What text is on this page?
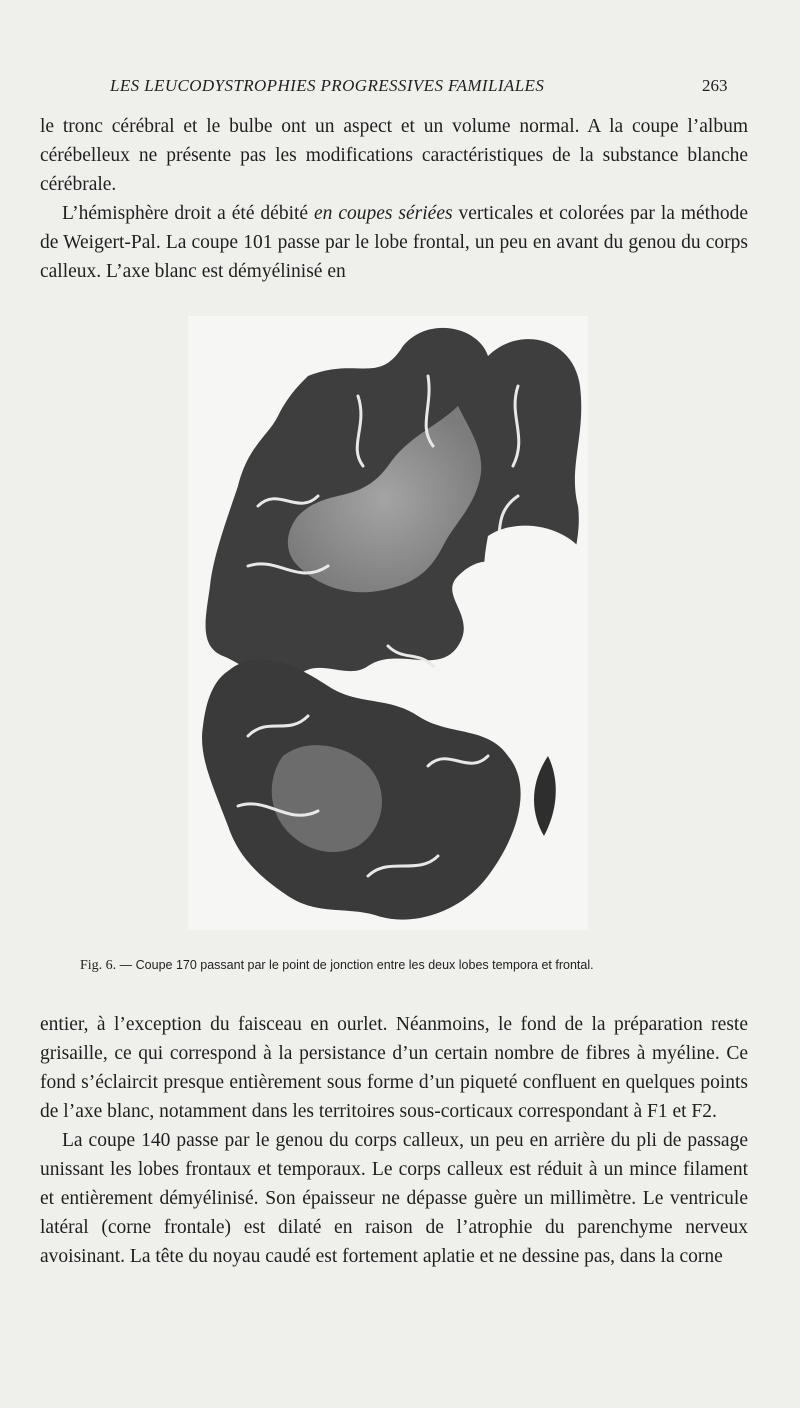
LES LEUCODYSTROPHIES PROGRESSIVES FAMILIALES	263

le tronc cérébral et le bulbe ont un aspect et un volume normal. A la coupe l’album cérébelleux ne présente pas les modifications caractéristiques de la substance blanche cérébrale.

L’hémisphère droit a été débité en coupes sériées verticales et colorées par la méthode de Weigert-Pal. La coupe 101 passe par le lobe frontal, un peu en avant du genou du corps calleux. L’axe blanc est démyélinisé en

Fig. 6. — Coupe 170 passant par le point de jonction entre les deux lobes tempora et frontal.

entier, à l’exception du faisceau en ourlet. Néanmoins, le fond de la préparation reste grisaille, ce qui correspond à la persistance d’un certain nombre de fibres à myéline. Ce fond s’éclaircit presque entièrement sous forme d’un piqueté confluent en quelques points de l’axe blanc, notamment dans les territoires sous-corticaux correspondant à F1 et F2.

La coupe 140 passe par le genou du corps calleux, un peu en arrière du pli de passage unissant les lobes frontaux et temporaux. Le corps calleux est réduit à un mince filament et entièrement démyélinisé. Son épaisseur ne dépasse guère un millimètre. Le ventricule latéral (corne frontale) est dilaté en raison de l’atrophie du parenchyme nerveux avoisinant. La tête du noyau caudé est fortement aplatie et ne dessine pas, dans la corne
